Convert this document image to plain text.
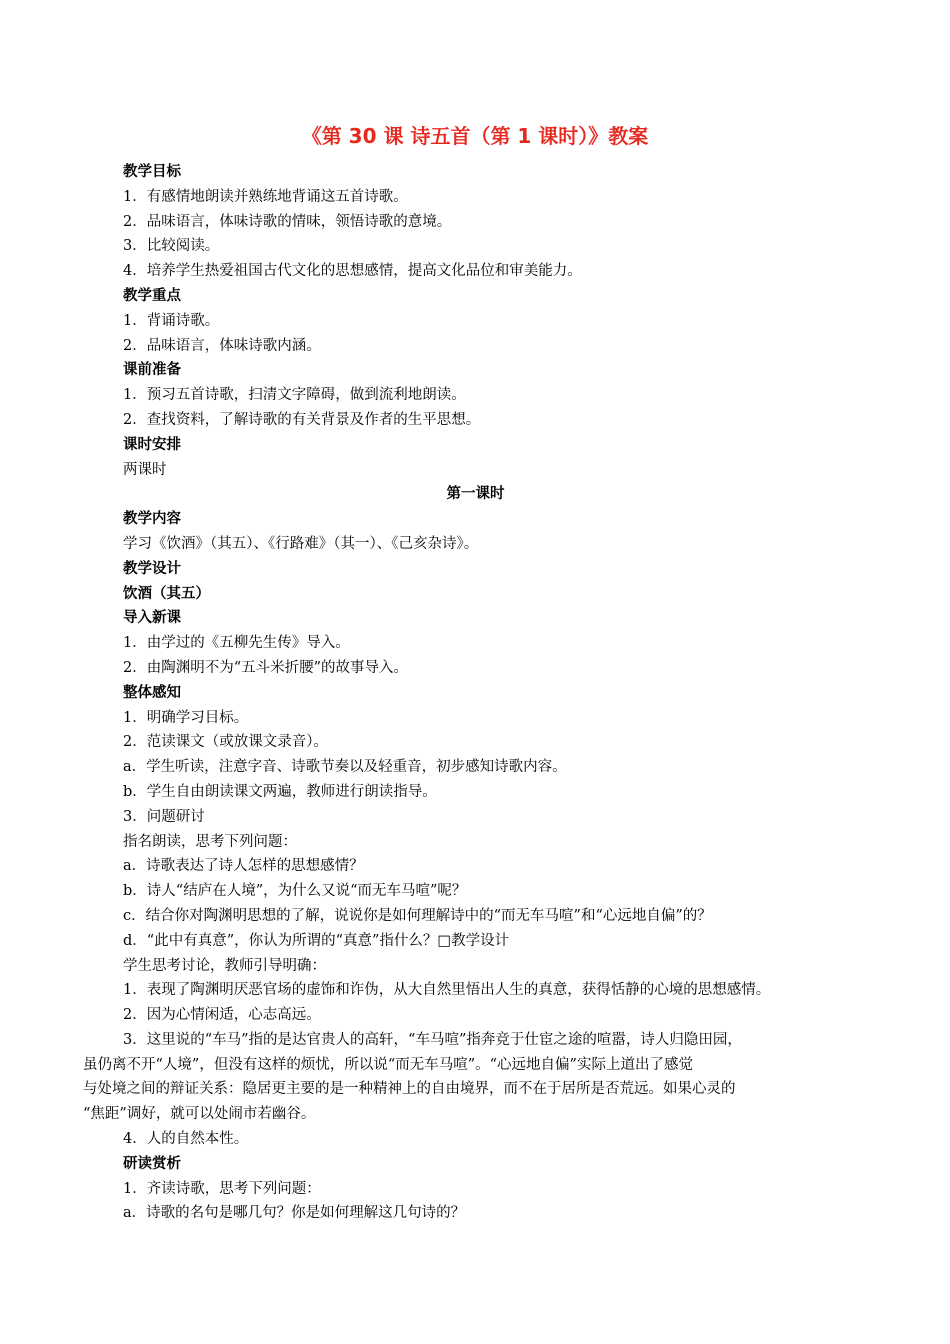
《第 30 课 诗五首（第 1 课时）》教案
教学目标
1．有感情地朗读并熟练地背诵这五首诗歌。
2．品味语言，体味诗歌的情味，领悟诗歌的意境。
3．比较阅读。
4．培养学生热爱祖国古代文化的思想感情，提高文化品位和审美能力。
教学重点
1．背诵诗歌。
2．品味语言，体味诗歌内涵。
课前准备
1．预习五首诗歌，扫清文字障碍，做到流利地朗读。
2．查找资料，了解诗歌的有关背景及作者的生平思想。
课时安排
两课时
第一课时
教学内容
学习《饮酒》（其五）、《行路难》（其一）、《己亥杂诗》。
教学设计
饮酒（其五）
导入新课
1．由学过的《五柳先生传》导入。
2．由陶渊明不为“五斗米折腰”的故事导入。
整体感知
1．明确学习目标。
2．范读课文（或放课文录音）。
a．学生听读，注意字音、诗歌节奏以及轻重音，初步感知诗歌内容。
b．学生自由朗读课文两遍，教师进行朗读指导。
3．问题研讨
指名朗读，思考下列问题：
a．诗歌表达了诗人怎样的思想感情？
b．诗人“结庐在人境”，为什么又说“而无车马喧”呢？
c．结合你对陶渊明思想的了解，说说你是如何理解诗中的“而无车马喧”和“心远地自偏”的？
d．“此中有真意”，你认为所谓的“真意”指什么？□教学设计
学生思考讨论，教师引导明确：
1．表现了陶渊明厌恶官场的虚饰和诈伪，从大自然里悟出人生的真意，获得恬静的心境的思想感情。
2．因为心情闲适，心志高远。
3．这里说的“车马”指的是达官贵人的高轩，“车马喧”指奔竞于仕宦之途的喧嚣，诗人归隐田园，
虽仍离不开“人境”，但没有这样的烦忧，所以说“而无车马喧”。“心远地自偏”实际上道出了感觉
与处境之间的辩证关系：隐居更主要的是一种精神上的自由境界，而不在于居所是否荒远。如果心灵的
“焦距”调好，就可以处闹市若幽谷。
4．人的自然本性。
研读赏析
1．齐读诗歌，思考下列问题：
a．诗歌的名句是哪几句？你是如何理解这几句诗的？
